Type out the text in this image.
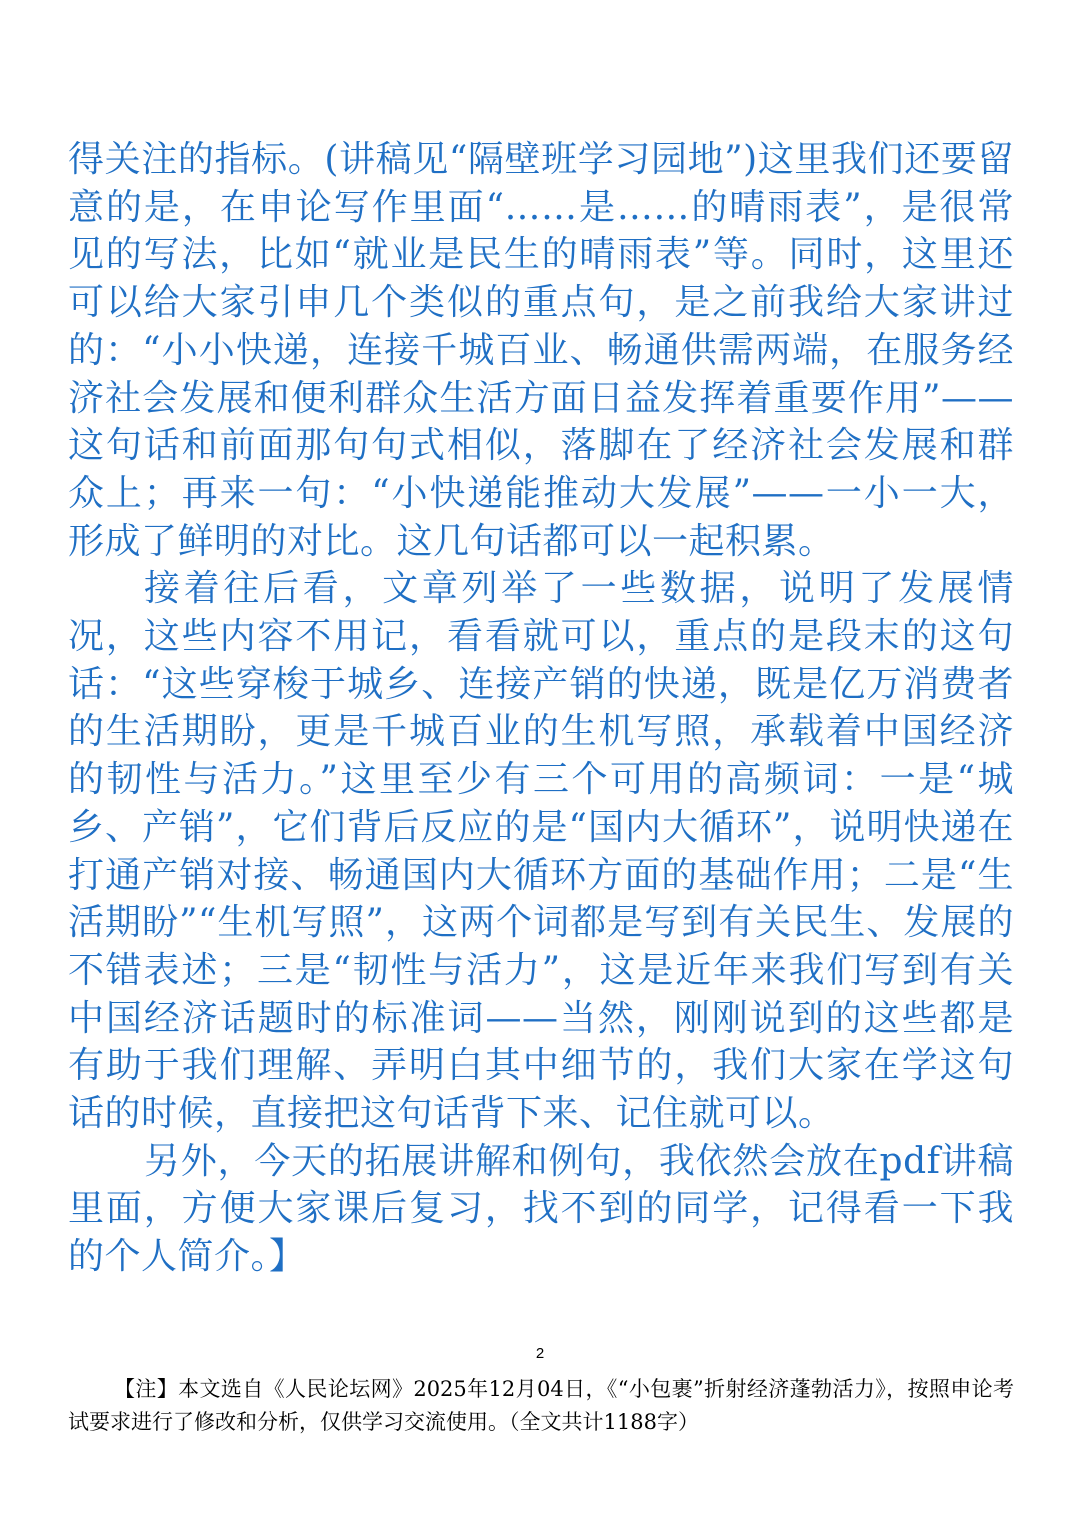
得关注的指标。(讲稿见“隔壁班学习园地”)这里我们还要留意的是，在申论写作里面“……是……的晴雨表”，是很常见的写法，比如“就业是民生的晴雨表”等。同时，这里还可以给大家引申几个类似的重点句，是之前我给大家讲过的：“小小快递，连接千城百业、畅通供需两端，在服务经济社会发展和便利群众生活方面日益发挥着重要作用”——这句话和前面那句句式相似，落脚在了经济社会发展和群众上；再来一句：“小快递能推动大发展”——一小一大，形成了鲜明的对比。这几句话都可以一起积累。

接着往后看，文章列举了一些数据，说明了发展情况，这些内容不用记，看看就可以，重点的是段末的这句话：“这些穿梭于城乡、连接产销的快递，既是亿万消费者的生活期盼，更是千城百业的生机写照，承载着中国经济的韧性与活力。”这里至少有三个可用的高频词：一是“城乡、产销”，它们背后反应的是“国内大循环”，说明快递在打通产销对接、畅通国内大循环方面的基础作用；二是“生活期盼”“生机写照”，这两个词都是写到有关民生、发展的不错表述；三是“韧性与活力”，这是近年来我们写到有关中国经济话题时的标准词——当然，刚刚说到的这些都是有助于我们理解、弄明白其中细节的，我们大家在学这句话的时候，直接把这句话背下来、记住就可以。

另外，今天的拓展讲解和例句，我依然会放在pdf讲稿里面，方便大家课后复习，找不到的同学，记得看一下我的个人简介。】

2
【注】本文选自《人民论坛网》2025年12月04日，《“小包裹”折射经济蓬勃活力》，按照申论考试要求进行了修改和分析，仅供学习交流使用。（全文共计1188字）
